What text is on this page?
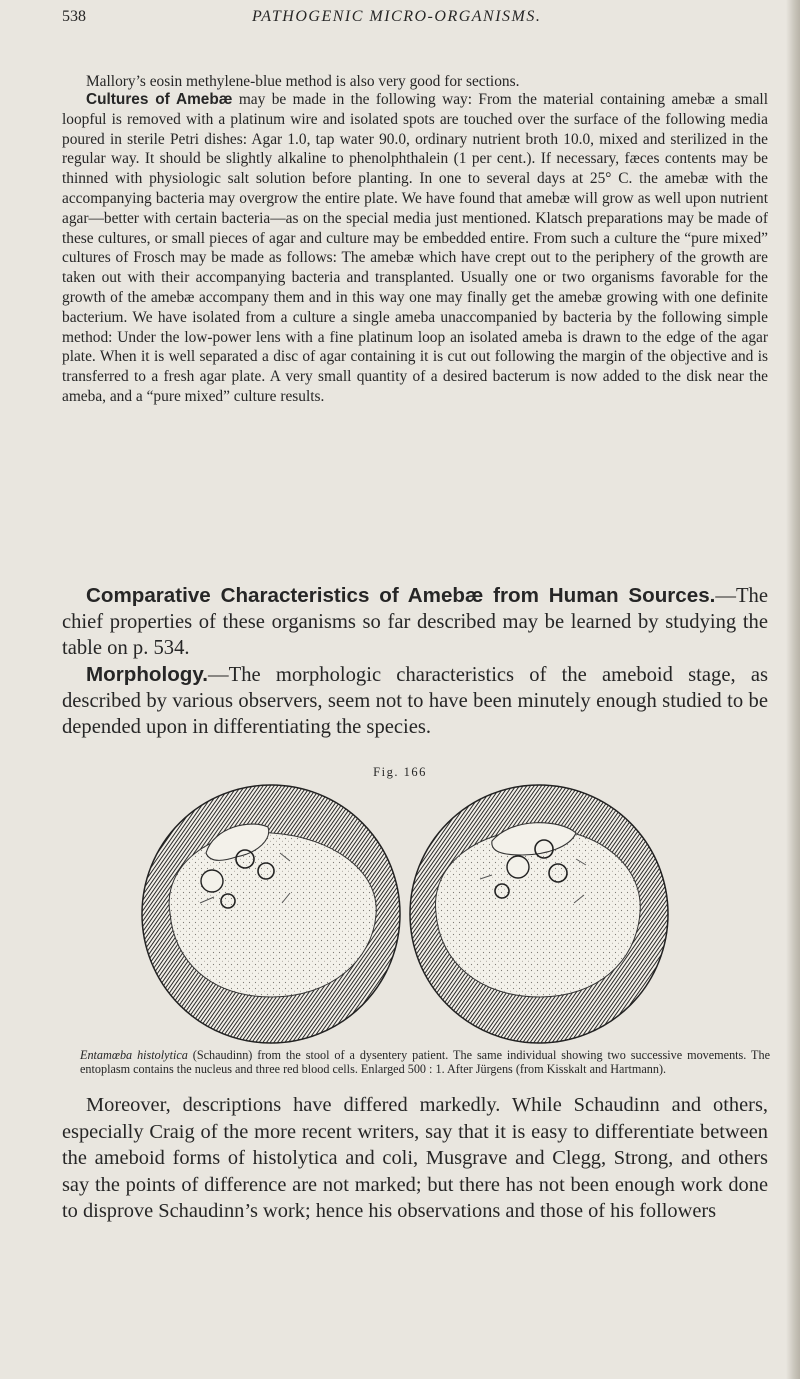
538	PATHOGENIC MICRO-ORGANISMS.

Mallory’s eosin methylene-blue method is also very good for sections.

Cultures of Amebæ may be made in the following way: From the material containing amebæ a small loopful is removed with a platinum wire and isolated spots are touched over the surface of the following media poured in sterile Petri dishes: Agar 1.0, tap water 90.0, ordinary nutrient broth 10.0, mixed and sterilized in the regular way. It should be slightly alkaline to phenolphthalein (1 per cent.). If necessary, fæces contents may be thinned with physiologic salt solution before planting. In one to several days at 25° C. the amebæ with the accompanying bacteria may overgrow the entire plate. We have found that amebæ will grow as well upon nutrient agar—better with certain bacteria—as on the special media just mentioned. Klatsch preparations may be made of these cultures, or small pieces of agar and culture may be embedded entire. From such a culture the “pure mixed” cultures of Frosch may be made as follows: The amebæ which have crept out to the periphery of the growth are taken out with their accompanying bacteria and transplanted. Usually one or two organisms favorable for the growth of the amebæ accompany them and in this way one may finally get the amebæ growing with one definite bacterium. We have isolated from a culture a single ameba unaccompanied by bacteria by the following simple method: Under the low-power lens with a fine platinum loop an isolated ameba is drawn to the edge of the agar plate. When it is well separated a disc of agar containing it is cut out following the margin of the objective and is transferred to a fresh agar plate. A very small quantity of a desired bacterum is now added to the disk near the ameba, and a “pure mixed” culture results.

Comparative Characteristics of Amebæ from Human Sources.—The chief properties of these organisms so far described may be learned by studying the table on p. 534.

Morphology.—The morphologic characteristics of the ameboid stage, as described by various observers, seem not to have been minutely enough studied to be depended upon in differentiating the species.

Fig. 166

Entamœba histolytica (Schaudinn) from the stool of a dysentery patient. The same individual showing two successive movements. The entoplasm contains the nucleus and three red blood cells. Enlarged 500 : 1. After Jürgens (from Kisskalt and Hartmann).

Moreover, descriptions have differed markedly. While Schaudinn and others, especially Craig of the more recent writers, say that it is easy to differentiate between the ameboid forms of histolytica and coli, Musgrave and Clegg, Strong, and others say the points of difference are not marked; but there has not been enough work done to disprove Schaudinn’s work; hence his observations and those of his followers
